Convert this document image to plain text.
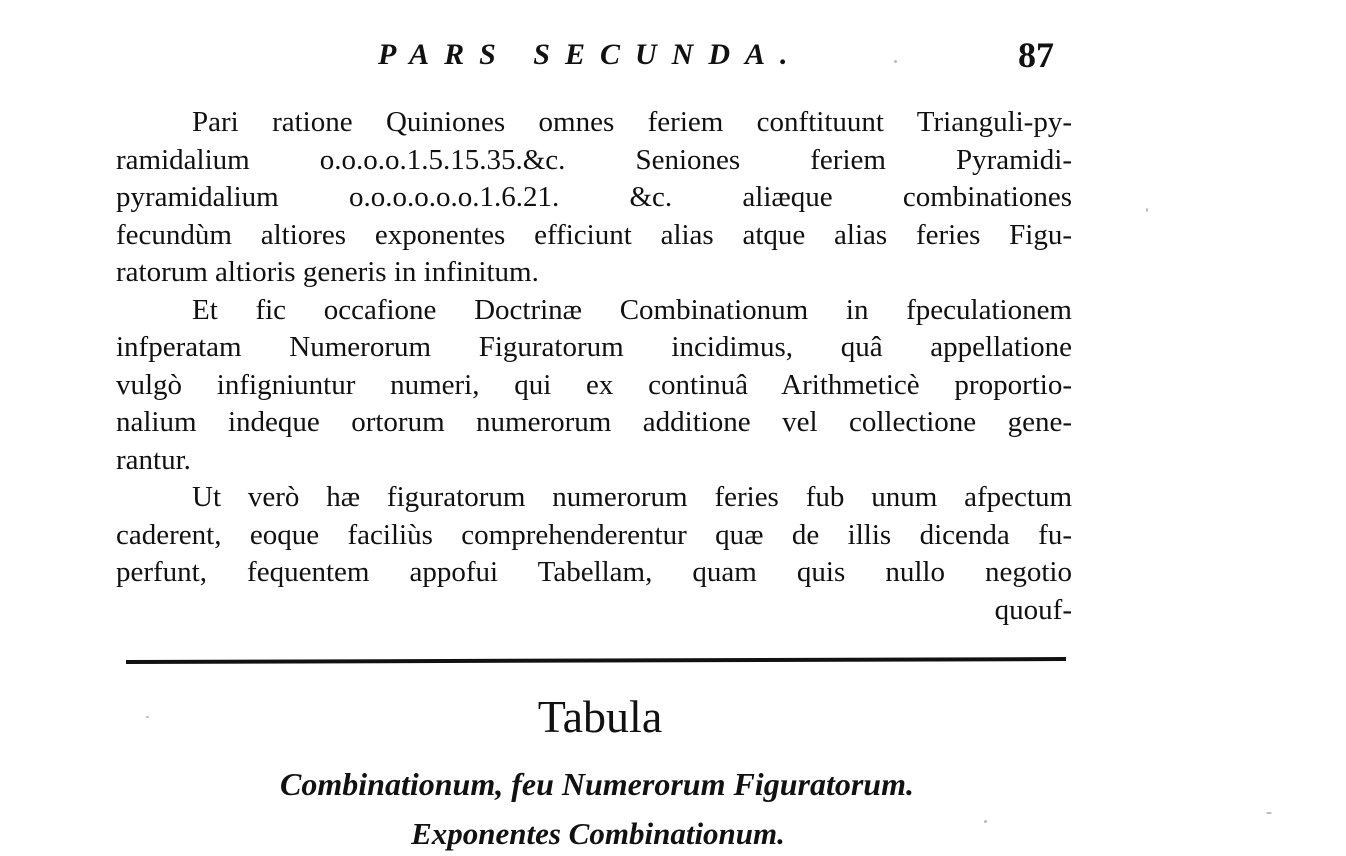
PARS SECUNDA.	87
Pari ratione Quiniones omnes feriem conftituunt Trianguli-py-
ramidalium o.o.o.o.1.5.15.35.&c. Seniones feriem Pyramidi-
pyramidalium o.o.o.o.o.o.1.6.21. &c. aliæque combinationes
fecundùm altiores exponentes efficiunt alias atque alias feries Figu-
ratorum altioris generis in infinitum.
Et fic occafione Doctrinæ Combinationum in fpeculationem
infperatam Numerorum Figuratorum incidimus, quâ appellatione
vulgò infigniuntur numeri, qui ex continuâ Arithmeticè proportio-
nalium indeque ortorum numerorum additione vel collectione gene-
rantur.
Ut verò hæ figuratorum numerorum feries fub unum afpectum
caderent, eoque faciliùs comprehenderentur quæ de illis dicenda fu-
perfunt, fequentem appofui Tabellam, quam quis nullo negotio
quouf-
Tabula
Combinationum, feu Numerorum Figuratorum.
Exponentes Combinationum.
